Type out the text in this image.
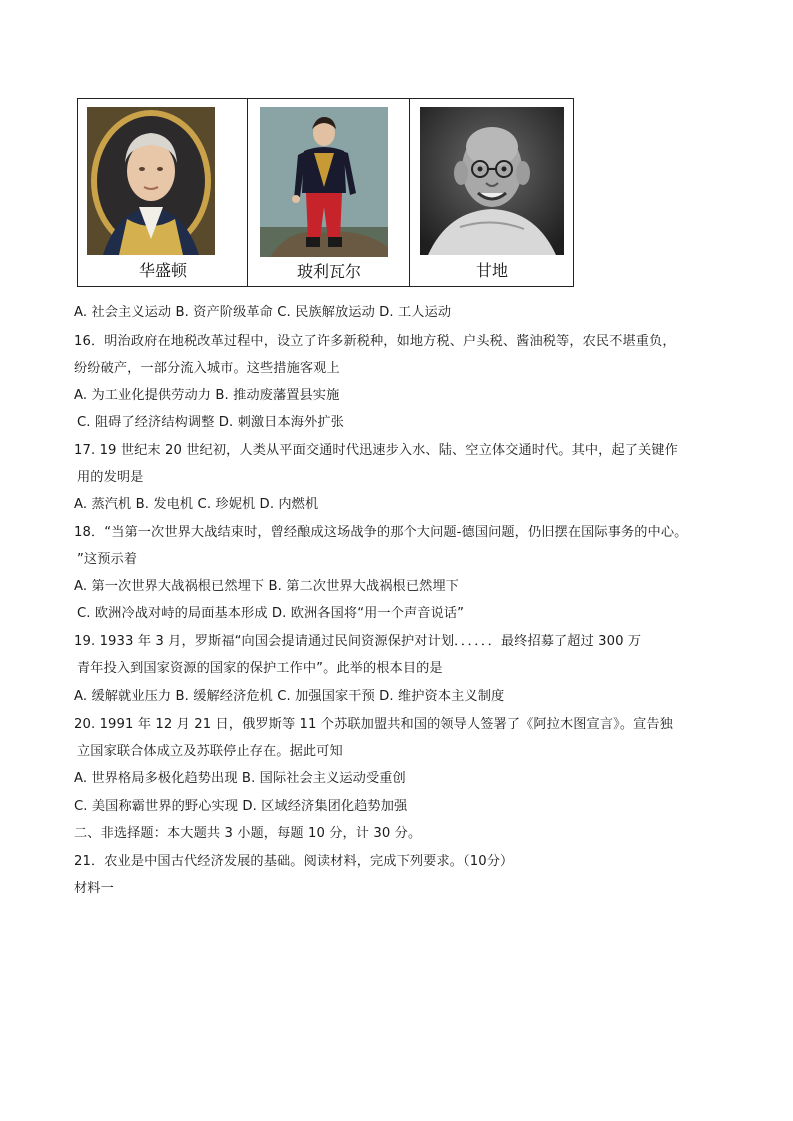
华盛顿	玻利瓦尔	甘地
A. 社会主义运动 B. 资产阶级革命 C. 民族解放运动 D. 工人运动
16．明治政府在地税改革过程中，设立了许多新税种，如地方税、户头税、酱油税等，农民不堪重负，
纷纷破产，一部分流入城市。这些措施客观上
A. 为工业化提供劳动力 B. 推动废藩置县实施
C. 阻碍了经济结构调整 D. 刺激日本海外扩张
17. 19 世纪末 20 世纪初，人类从平面交通时代迅速步入水、陆、空立体交通时代。其中，起了关键作
用的发明是
A. 蒸汽机 B. 发电机 C. 珍妮机 D. 内燃机
18．“当第一次世界大战结束时，曾经酿成这场战争的那个大问题-德国问题，仍旧摆在国际事务的中心。
”这预示着
A. 第一次世界大战祸根已然埋下 B. 第二次世界大战祸根已然埋下
C. 欧洲冷战对峙的局面基本形成 D. 欧洲各国将“用一个声音说话”
19. 1933 年 3 月，罗斯福“向国会提请通过民间资源保护对计划．．．．．．最终招募了超过 300 万
青年投入到国家资源的国家的保护工作中”。此举的根本目的是
A. 缓解就业压力 B. 缓解经济危机 C. 加强国家干预 D. 维护资本主义制度
20. 1991 年 12 月 21 日，俄罗斯等 11 个苏联加盟共和国的领导人签署了《阿拉木图宣言》。宣告独
立国家联合体成立及苏联停止存在。据此可知
A. 世界格局多极化趋势出现 B. 国际社会主义运动受重创
C. 美国称霸世界的野心实现 D. 区域经济集团化趋势加强
二、非选择题：本大题共 3 小题，每题 10 分，计 30 分。
21．农业是中国古代经济发展的基础。阅读材料，完成下列要求。（10分）
材料一
